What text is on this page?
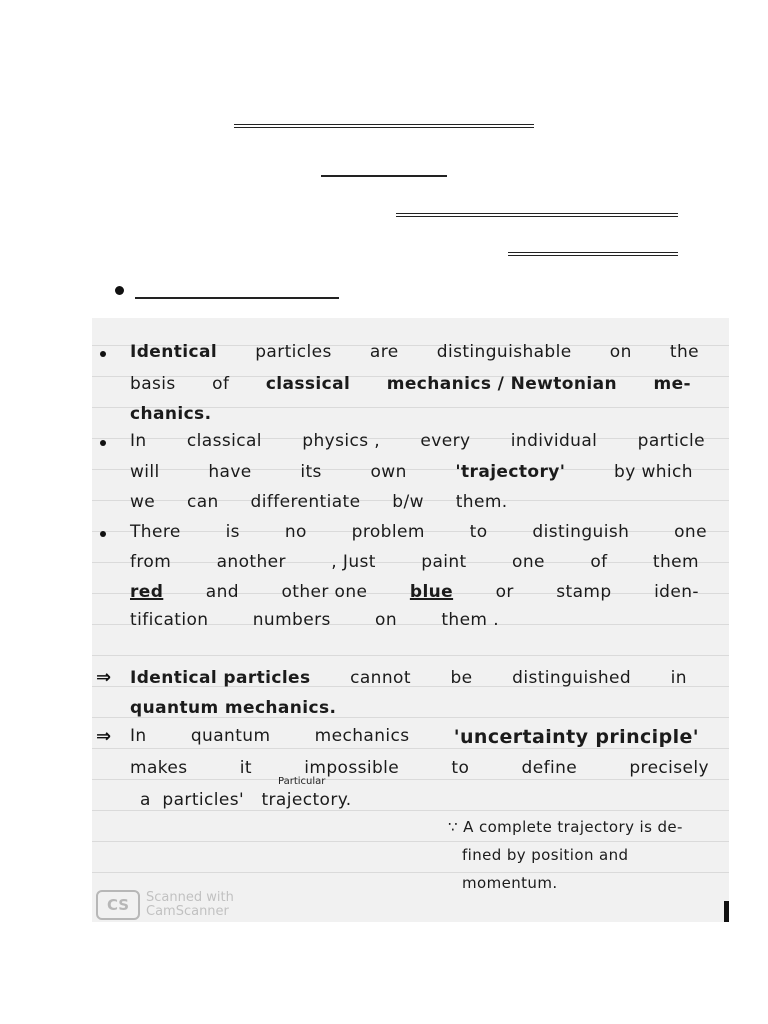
Identical particles are distinguishable on the
basis of classical mechanics / Newtonian me-
chanics.
In classical physics , every individual particle
will	have	its	own	'trajectory'	by which
we can differentiate b/w them.
There	is	no	problem	to	distinguish	one
from	another	, Just	paint	one	of	them
red and other one blue or stamp iden-
tification	numbers	on	them .
⇒ Identical particles cannot be distinguished in
quantum mechanics.
⇒ In	quantum	mechanics 'uncertainty principle'
makes	it	impossible	to	define	precisely
Particular
a  particles'   trajectory.
∵ A complete trajectory is de-
fined by position and
momentum.
CS	Scanned with
CamScanner
